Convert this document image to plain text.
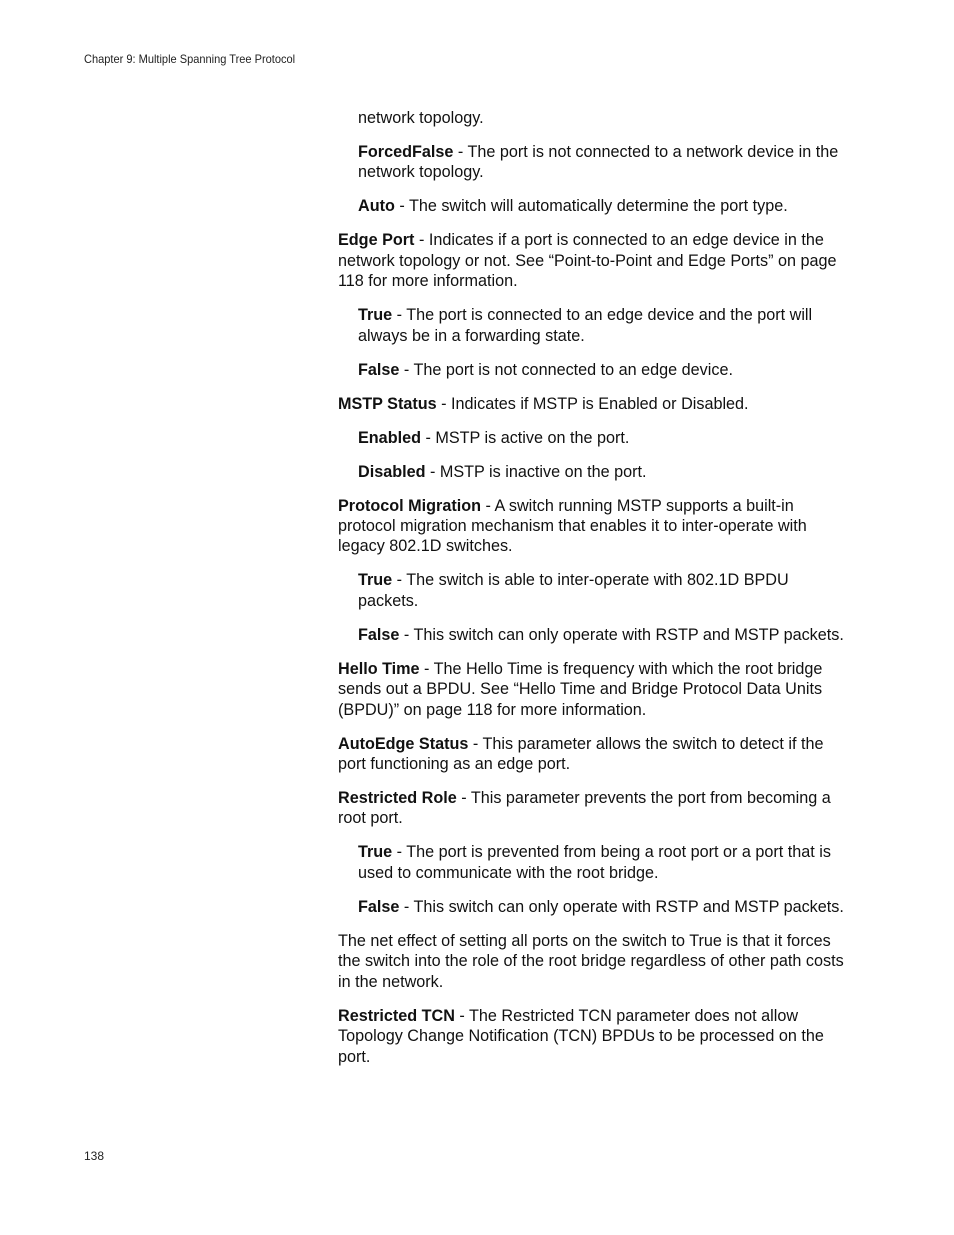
Chapter 9: Multiple Spanning Tree Protocol

network topology.

ForcedFalse - The port is not connected to a network device in the network topology.

Auto - The switch will automatically determine the port type.

Edge Port - Indicates if a port is connected to an edge device in the network topology or not. See “Point-to-Point and Edge Ports” on page 118 for more information.

True - The port is connected to an edge device and the port will always be in a forwarding state.

False - The port is not connected to an edge device.

MSTP Status - Indicates if MSTP is Enabled or Disabled.

Enabled - MSTP is active on the port.

Disabled - MSTP is inactive on the port.

Protocol Migration - A switch running MSTP supports a built-in protocol migration mechanism that enables it to inter-operate with legacy 802.1D switches.

True - The switch is able to inter-operate with 802.1D BPDU packets.

False - This switch can only operate with RSTP and MSTP packets.

Hello Time - The Hello Time is frequency with which the root bridge sends out a BPDU. See “Hello Time and Bridge Protocol Data Units (BPDU)” on page 118 for more information.

AutoEdge Status - This parameter allows the switch to detect if the port functioning as an edge port.

Restricted Role - This parameter prevents the port from becoming a root port.

True - The port is prevented from being a root port or a port that is used to communicate with the root bridge.

False - This switch can only operate with RSTP and MSTP packets.

The net effect of setting all ports on the switch to True is that it forces the switch into the role of the root bridge regardless of other path costs in the network.

Restricted TCN - The Restricted TCN parameter does not allow Topology Change Notification (TCN) BPDUs to be processed on the port.

138
